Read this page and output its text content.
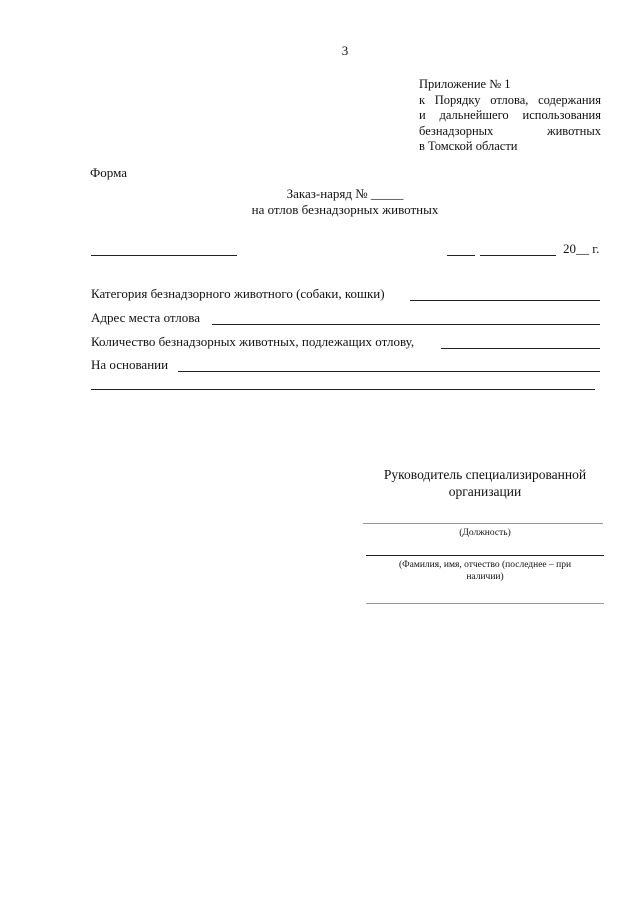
3
Приложение № 1
к Порядку отлова, содержания
и дальнейшего использования
безнадзорных животных
в Томской области
Форма
Заказ-наряд № _____
на отлов безнадзорных животных
20__ г.
Категория безнадзорного животного (собаки, кошки)
Адрес места отлова
Количество безнадзорных животных, подлежащих отлову,
На основании
Руководитель специализированной организации
(Должность)
(Фамилия, имя, отчество (последнее – при наличии)
